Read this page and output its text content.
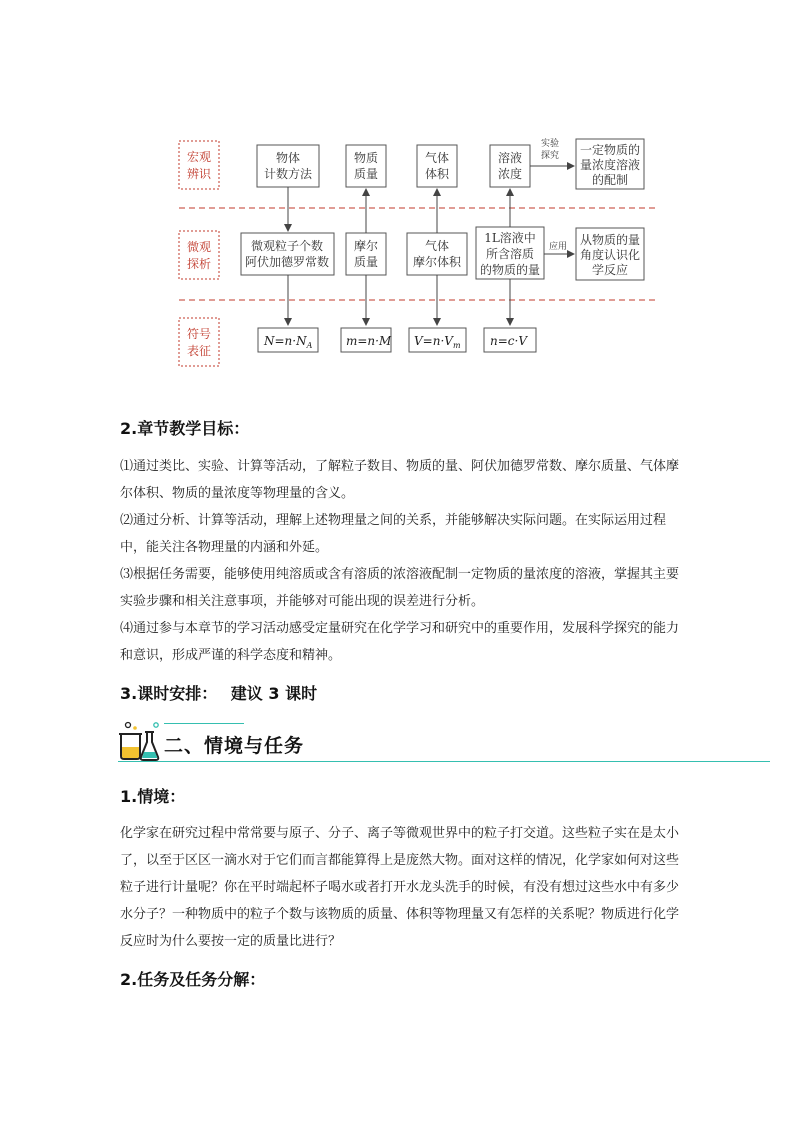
宏观
辨识
微观
探析
符号
表征
物体
计数方法
物质
质量
气体
体积
溶液
浓度
一定物质的
量浓度溶液
的配制
实验
探究
微观粒子个数
阿伏加德罗常数
摩尔
质量
气体
摩尔体积
1L溶液中
所含溶质
的物质的量
从物质的量
角度认识化
学反应
应用
$N=n\cdot N_A$	m=n·M $V=n\cdot V_m$ n=c·V
2.章节教学目标：

⑴通过类比、实验、计算等活动，了解粒子数目、物质的量、阿伏加德罗常数、摩尔质量、气体摩尔体积、物质的量浓度等物理量的含义。

⑵通过分析、计算等活动，理解上述物理量之间的关系，并能够解决实际问题。在实际运用过程中，能关注各物理量的内涵和外延。

⑶根据任务需要，能够使用纯溶质或含有溶质的浓溶液配制一定物质的量浓度的溶液，掌握其主要实验步骤和相关注意事项，并能够对可能出现的误差进行分析。

⑷通过参与本章节的学习活动感受定量研究在化学学习和研究中的重要作用，发展科学探究的能力和意识，形成严谨的科学态度和精神。

3.课时安排： 建议 3 课时
二、情境与任务
1.情境：

化学家在研究过程中常常要与原子、分子、离子等微观世界中的粒子打交道。这些粒子实在是太小了，以至于区区一滴水对于它们而言都能算得上是庞然大物。面对这样的情况，化学家如何对这些粒子进行计量呢？你在平时端起杯子喝水或者打开水龙头洗手的时候，有没有想过这些水中有多少水分子？一种物质中的粒子个数与该物质的质量、体积等物理量又有怎样的关系呢？物质进行化学反应时为什么要按一定的质量比进行？

2.任务及任务分解：
